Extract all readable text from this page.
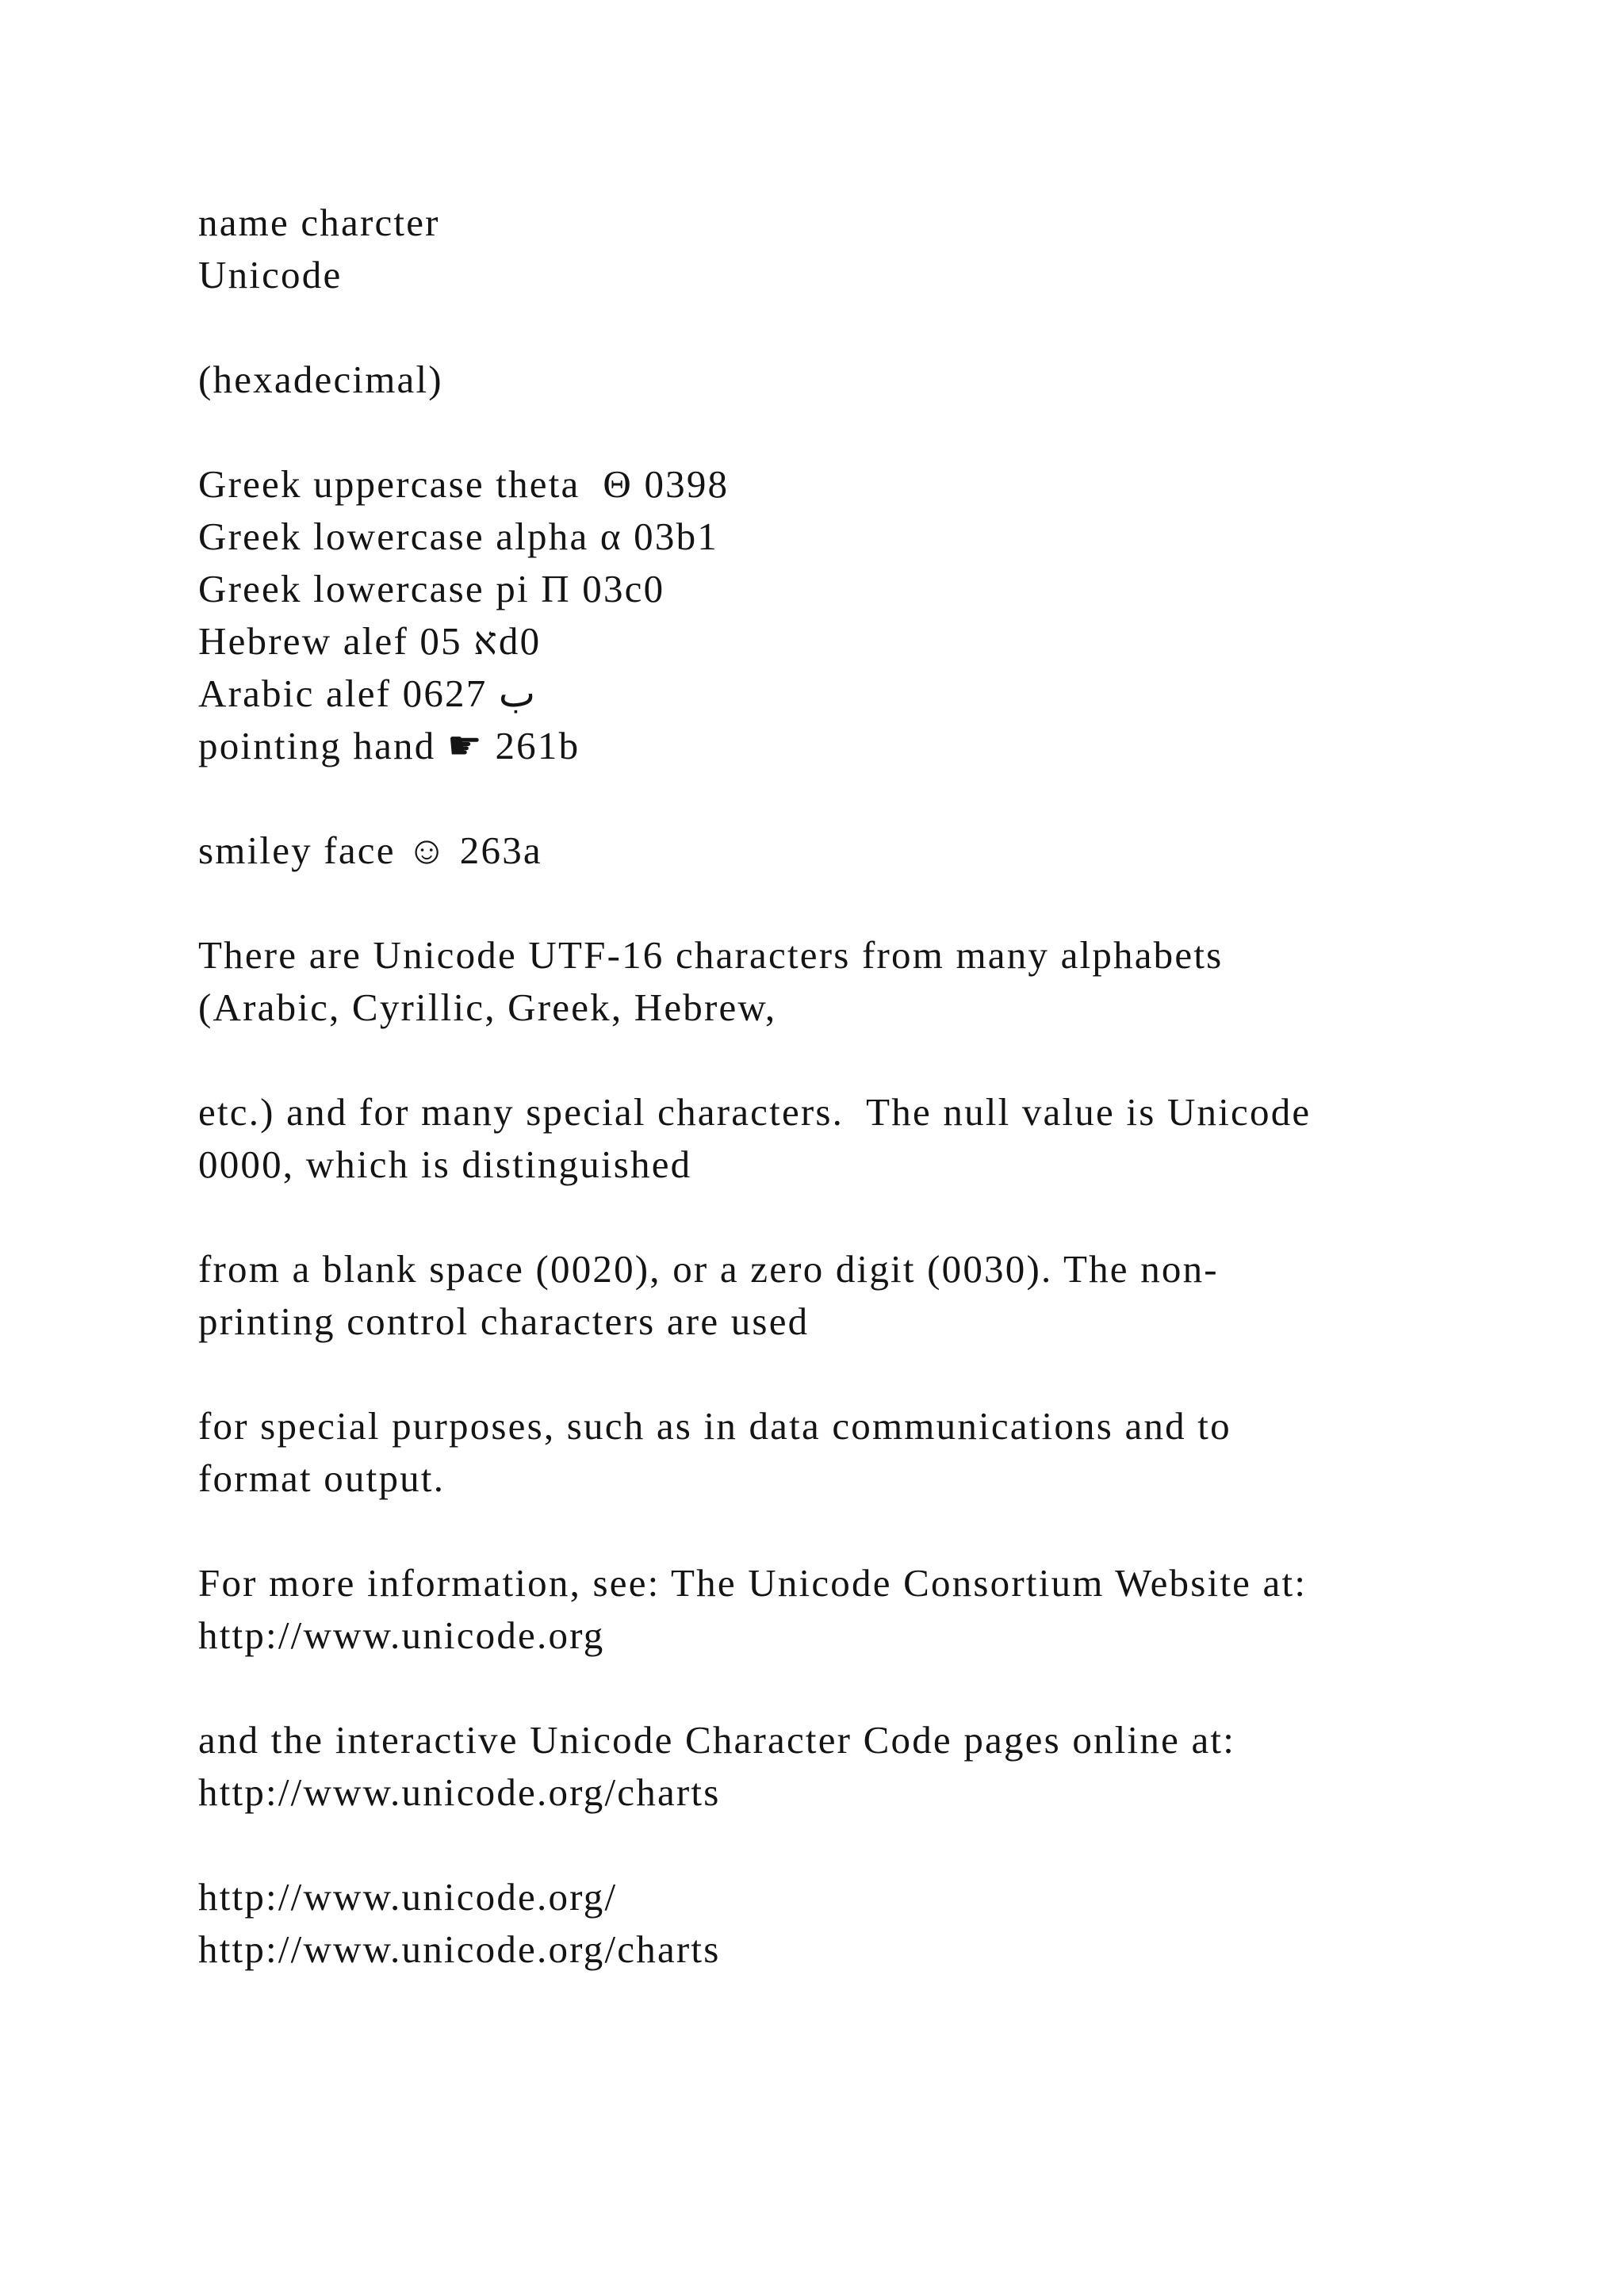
name charcter
Unicode
(hexadecimal)
Greek uppercase theta  Θ 0398
Greek lowercase alpha α 03b1
Greek lowercase pi Π 03c0
Hebrew alef 05 אd0
Arabic alef 0627 ب
pointing hand ☛ 261b
smiley face ☺ 263a
There are Unicode UTF-16 characters from many alphabets
(Arabic, Cyrillic, Greek, Hebrew,
etc.) and for many special characters.  The null value is Unicode
0000, which is distinguished
from a blank space (0020), or a zero digit (0030). The non-
printing control characters are used
for special purposes, such as in data communications and to
format output.
For more information, see: The Unicode Consortium Website at:
http://www.unicode.org
and the interactive Unicode Character Code pages online at:
http://www.unicode.org/charts
http://www.unicode.org/
http://www.unicode.org/charts
